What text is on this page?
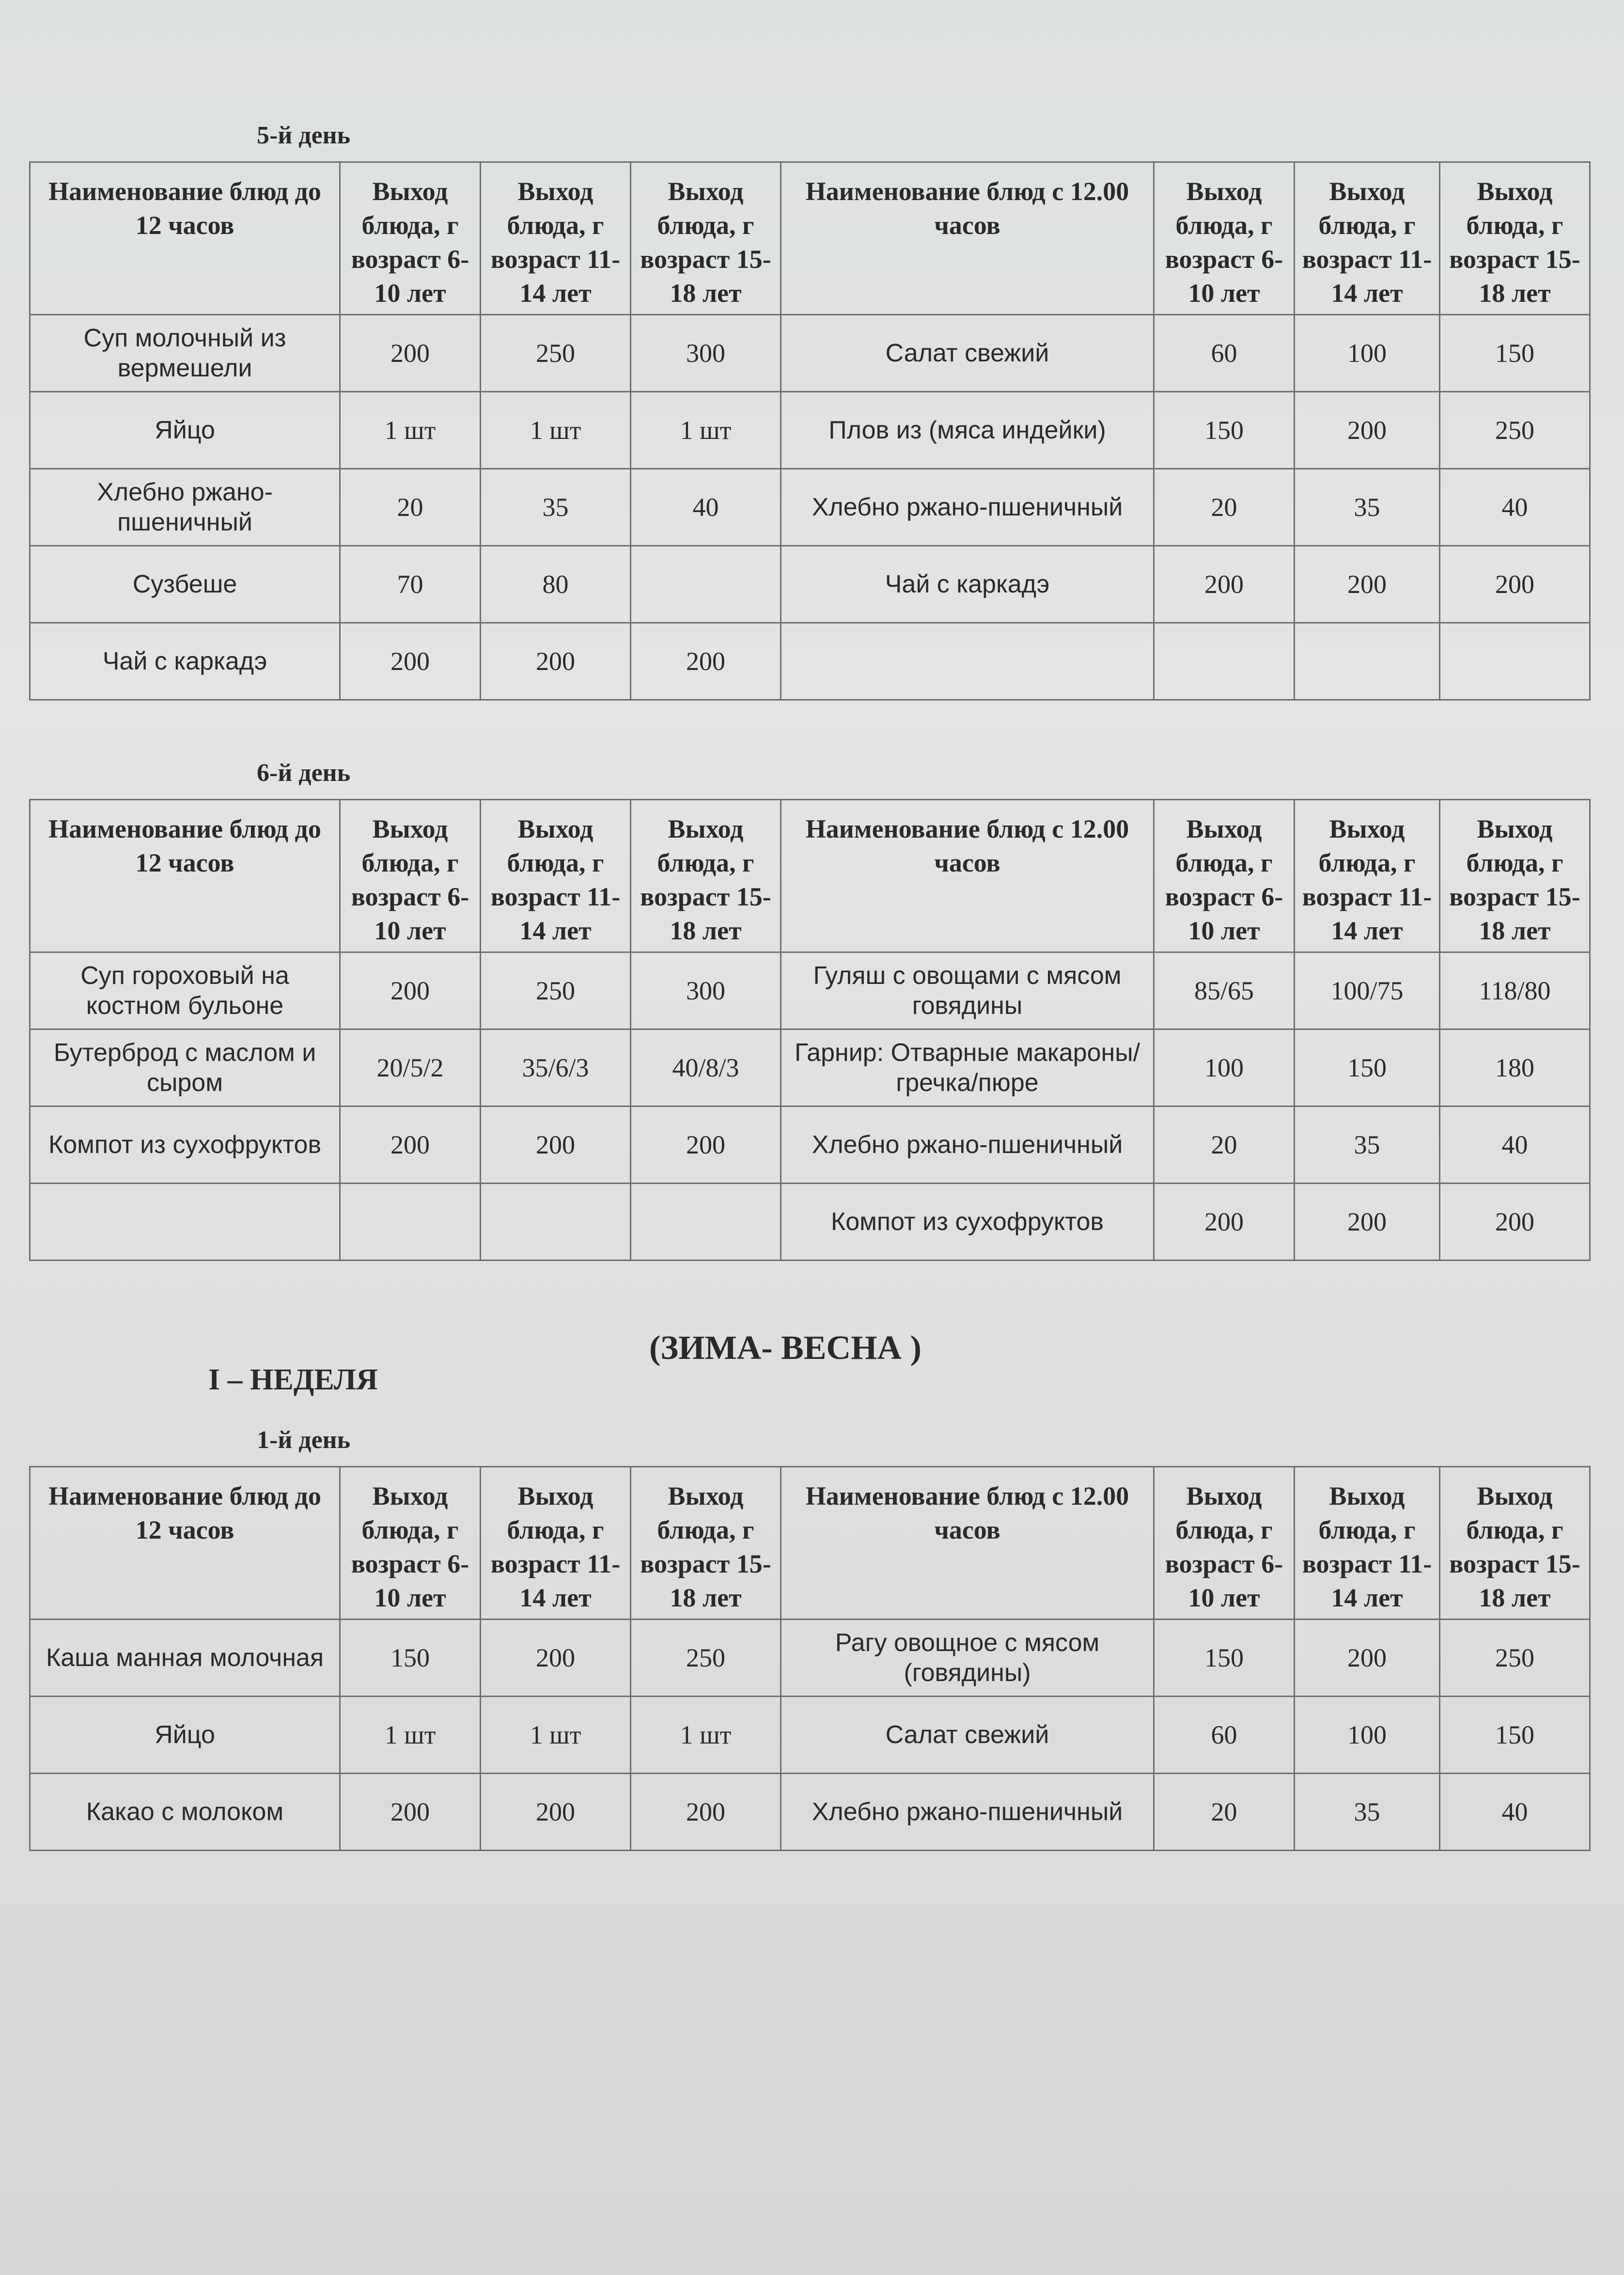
5-й день
Наименование блюд до 12 часов	Выход блюда, г возраст 6-10 лет	Выход блюда, г возраст 11-14 лет	Выход блюда, г возраст 15-18 лет	Наименование блюд с 12.00 часов	Выход блюда, г возраст 6-10 лет	Выход блюда, г возраст 11-14 лет	Выход блюда, г возраст 15-18 лет
Суп молочный из вермешели	200	250	300	Салат свежий	60	100	150
Яйцо	1 шт	1 шт	1 шт	Плов из (мяса индейки)	150	200	250
Хлебно ржано-пшеничный	20	35	40	Хлебно ржано-пшеничный	20	35	40
Сузбеше	70	80		Чай с каркадэ	200	200	200
Чай с каркадэ	200	200	200				
6-й день
Наименование блюд до 12 часов	Выход блюда, г возраст 6-10 лет	Выход блюда, г возраст 11-14 лет	Выход блюда, г возраст 15-18 лет	Наименование блюд с 12.00 часов	Выход блюда, г возраст 6-10 лет	Выход блюда, г возраст 11-14 лет	Выход блюда, г возраст 15-18 лет
Суп гороховый на костном бульоне	200	250	300	Гуляш с овощами с мясом говядины	85/65	100/75	118/80
Бутерброд с маслом и сыром	20/5/2	35/6/3	40/8/3	Гарнир: Отварные макароны/ гречка/пюре	100	150	180
Компот из сухофруктов	200	200	200	Хлебно ржано-пшеничный	20	35	40
				Компот из сухофруктов	200	200	200
(ЗИМА- ВЕСНА )
I – НЕДЕЛЯ
1-й день
Наименование блюд до 12 часов	Выход блюда, г возраст 6-10 лет	Выход блюда, г возраст 11-14 лет	Выход блюда, г возраст 15-18 лет	Наименование блюд с 12.00 часов	Выход блюда, г возраст 6-10 лет	Выход блюда, г возраст 11-14 лет	Выход блюда, г возраст 15-18 лет
Каша манная молочная	150	200	250	Рагу овощное с мясом (говядины)	150	200	250
Яйцо	1 шт	1 шт	1 шт	Салат свежий	60	100	150
Какао с молоком	200	200	200	Хлебно ржано-пшеничный	20	35	40
